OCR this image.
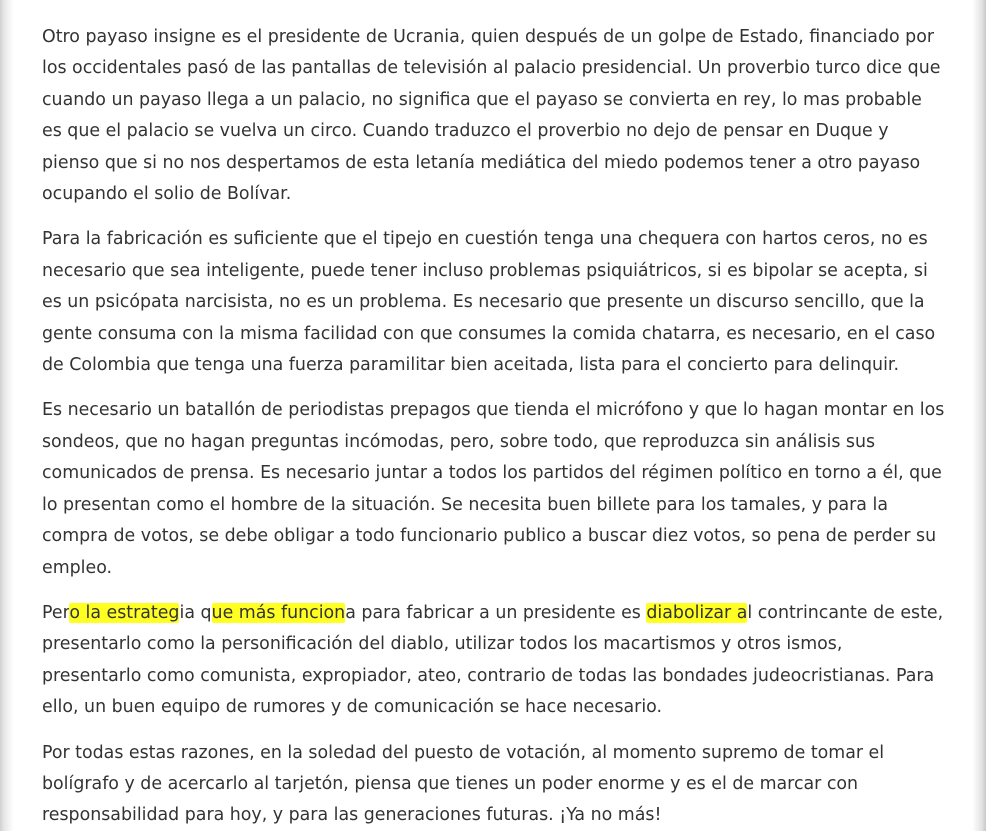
Otro payaso insigne es el presidente de Ucrania, quien después de un golpe de Estado, financiado por los occidentales pasó de las pantallas de televisión al palacio presidencial. Un proverbio turco dice que cuando un payaso llega a un palacio, no significa que el payaso se convierta en rey, lo mas probable es que el palacio se vuelva un circo. Cuando traduzco el proverbio no dejo de pensar en Duque y pienso que si no nos despertamos de esta letanía mediática del miedo podemos tener a otro payaso ocupando el solio de Bolívar.

Para la fabricación es suficiente que el tipejo en cuestión tenga una chequera con hartos ceros, no es necesario que sea inteligente, puede tener incluso problemas psiquiátricos, si es bipolar se acepta, si es un psicópata narcisista, no es un problema. Es necesario que presente un discurso sencillo, que la gente consuma con la misma facilidad con que consumes la comida chatarra, es necesario, en el caso de Colombia que tenga una fuerza paramilitar bien aceitada, lista para el concierto para delinquir.

Es necesario un batallón de periodistas prepagos que tienda el micrófono y que lo hagan montar en los sondeos, que no hagan preguntas incómodas, pero, sobre todo, que reproduzca sin análisis sus comunicados de prensa. Es necesario juntar a todos los partidos del régimen político en torno a él, que lo presentan como el hombre de la situación. Se necesita buen billete para los tamales, y para la compra de votos, se debe obligar a todo funcionario publico a buscar diez votos, so pena de perder su empleo.

Pero la estrategia que más funciona para fabricar a un presidente es diabolizar al contrincante de este, presentarlo como la personificación del diablo, utilizar todos los macartismos y otros ismos, presentarlo como comunista, expropiador, ateo, contrario de todas las bondades judeocristianas. Para ello, un buen equipo de rumores y de comunicación se hace necesario.

Por todas estas razones, en la soledad del puesto de votación, al momento supremo de tomar el bolígrafo y de acercarlo al tarjetón, piensa que tienes un poder enorme y es el de marcar con responsabilidad para hoy, y para las generaciones futuras. ¡Ya no más!
